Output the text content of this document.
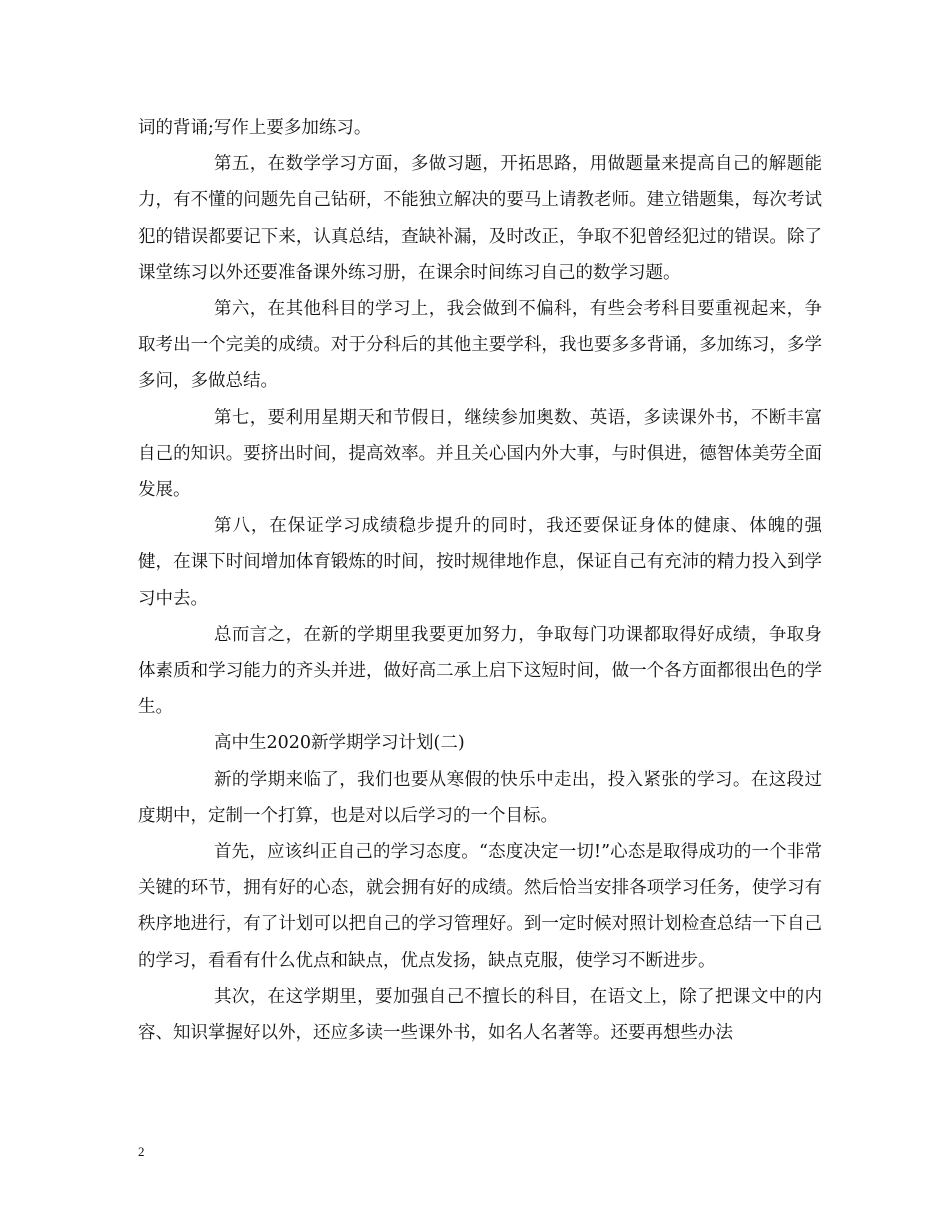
词的背诵;写作上要多加练习。

第五，在数学学习方面，多做习题，开拓思路，用做题量来提高自己的解题能力，有不懂的问题先自己钻研，不能独立解决的要马上请教老师。建立错题集，每次考试犯的错误都要记下来，认真总结，查缺补漏，及时改正，争取不犯曾经犯过的错误。除了课堂练习以外还要准备课外练习册，在课余时间练习自己的数学习题。

第六，在其他科目的学习上，我会做到不偏科，有些会考科目要重视起来，争取考出一个完美的成绩。对于分科后的其他主要学科，我也要多多背诵，多加练习，多学多问，多做总结。

第七，要利用星期天和节假日，继续参加奥数、英语，多读课外书，不断丰富自己的知识。要挤出时间，提高效率。并且关心国内外大事，与时俱进，德智体美劳全面发展。

第八，在保证学习成绩稳步提升的同时，我还要保证身体的健康、体魄的强健，在课下时间增加体育锻炼的时间，按时规律地作息，保证自己有充沛的精力投入到学习中去。

总而言之，在新的学期里我要更加努力，争取每门功课都取得好成绩，争取身体素质和学习能力的齐头并进，做好高二承上启下这短时间，做一个各方面都很出色的学生。

高中生2020新学期学习计划(二)

新的学期来临了，我们也要从寒假的快乐中走出，投入紧张的学习。在这段过度期中，定制一个打算，也是对以后学习的一个目标。

首先，应该纠正自己的学习态度。“态度决定一切!”心态是取得成功的一个非常关键的环节，拥有好的心态，就会拥有好的成绩。然后恰当安排各项学习任务，使学习有秩序地进行，有了计划可以把自己的学习管理好。到一定时候对照计划检查总结一下自己的学习，看看有什么优点和缺点，优点发扬，缺点克服，使学习不断进步。

其次，在这学期里，要加强自己不擅长的科目，在语文上，除了把课文中的内容、知识掌握好以外，还应多读一些课外书，如名人名著等。还要再想些办法

2
